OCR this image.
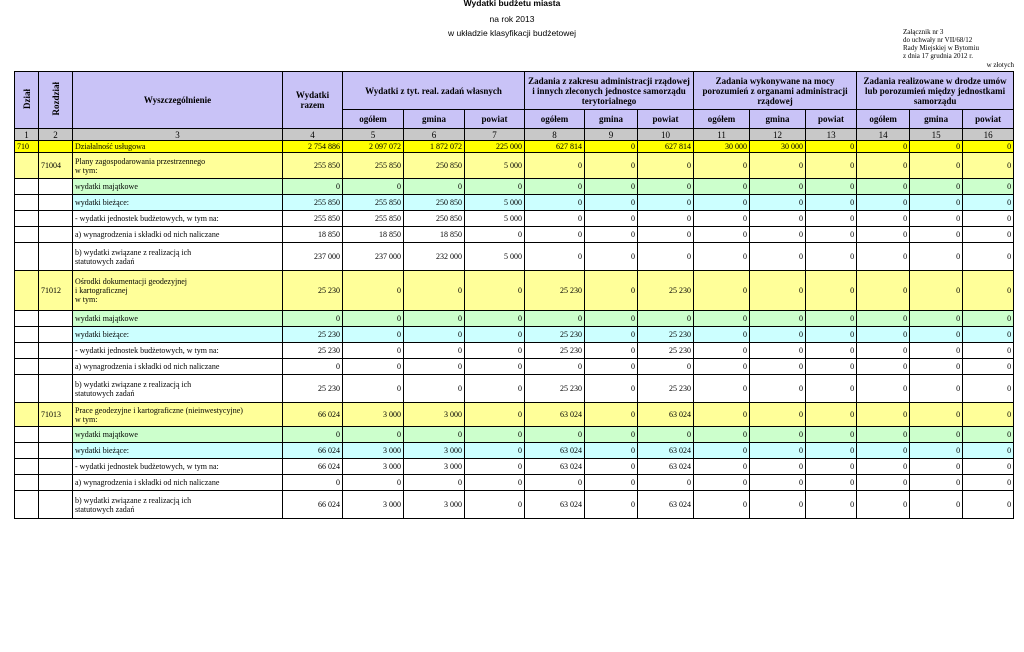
Wydatki budżetu miasta
na rok 2013
w układzie klasyfikacji budżetowej	Załącznik nr 3
do uchwały nr VII/68/12
Rady Miejskiej w Bytomiu
z dnia 17 grudnia 2012 r.
w złotych
Dział	Rozdział	Wyszczególnienie	Wydatki razem	Wydatki z tyt. real. zadań własnych			Zadania z zakresu administracji rządowej i innych zleconych jednostce samorządu terytorialnego			Zadania wykonywane na mocy porozumień z organami administracji rządowej			Zadania realizowane w drodze umów lub porozumień między jednostkami samorządu		
				ogółem	gmina	powiat	ogółem	gmina	powiat	ogółem	gmina	powiat	ogółem	gmina	powiat
1	2	3	4	5	6	7	8	9	10	11	12	13	14	15	16
710		Działalność usługowa	2 754 886	2 097 072	1 872 072	225 000	627 814	0	627 814	30 000	30 000	0	0	0	0
	71004	Plany zagospodarowania przestrzennego
w tym:	255 850	255 850	250 850	5 000	0	0	0	0	0	0	0	0	0
		wydatki majątkowe	0	0	0	0	0	0	0	0	0	0	0	0	0
		wydatki bieżące:	255 850	255 850	250 850	5 000	0	0	0	0	0	0	0	0	0
		- wydatki jednostek budżetowych, w tym na:	255 850	255 850	250 850	5 000	0	0	0	0	0	0	0	0	0
		a) wynagrodzenia i składki od nich naliczane	18 850	18 850	18 850	0	0	0	0	0	0	0	0	0	0
		b) wydatki związane z realizacją ich
statutowych zadań	237 000	237 000	232 000	5 000	0	0	0	0	0	0	0	0	0
	71012	Ośrodki dokumentacji geodezyjnej
i kartograficznej
w tym:	25 230	0	0	0	25 230	0	25 230	0	0	0	0	0	0
		wydatki majątkowe	0	0	0	0	0	0	0	0	0	0	0	0	0
		wydatki bieżące:	25 230	0	0	0	25 230	0	25 230	0	0	0	0	0	0
		- wydatki jednostek budżetowych, w tym na:	25 230	0	0	0	25 230	0	25 230	0	0	0	0	0	0
		a) wynagrodzenia i składki od nich naliczane	0	0	0	0	0	0	0	0	0	0	0	0	0
		b) wydatki związane z realizacją ich
statutowych zadań	25 230	0	0	0	25 230	0	25 230	0	0	0	0	0	0
	71013	Prace geodezyjne i kartograficzne (nieinwestycyjne)
w tym:	66 024	3 000	3 000	0	63 024	0	63 024	0	0	0	0	0	0
		wydatki majątkowe	0	0	0	0	0	0	0	0	0	0	0	0	0
		wydatki bieżące:	66 024	3 000	3 000	0	63 024	0	63 024	0	0	0	0	0	0
		- wydatki jednostek budżetowych, w tym na:	66 024	3 000	3 000	0	63 024	0	63 024	0	0	0	0	0	0
		a) wynagrodzenia i składki od nich naliczane	0	0	0	0	0	0	0	0	0	0	0	0	0
		b) wydatki związane z realizacją ich
statutowych zadań	66 024	3 000	3 000	0	63 024	0	63 024	0	0	0	0	0	0
